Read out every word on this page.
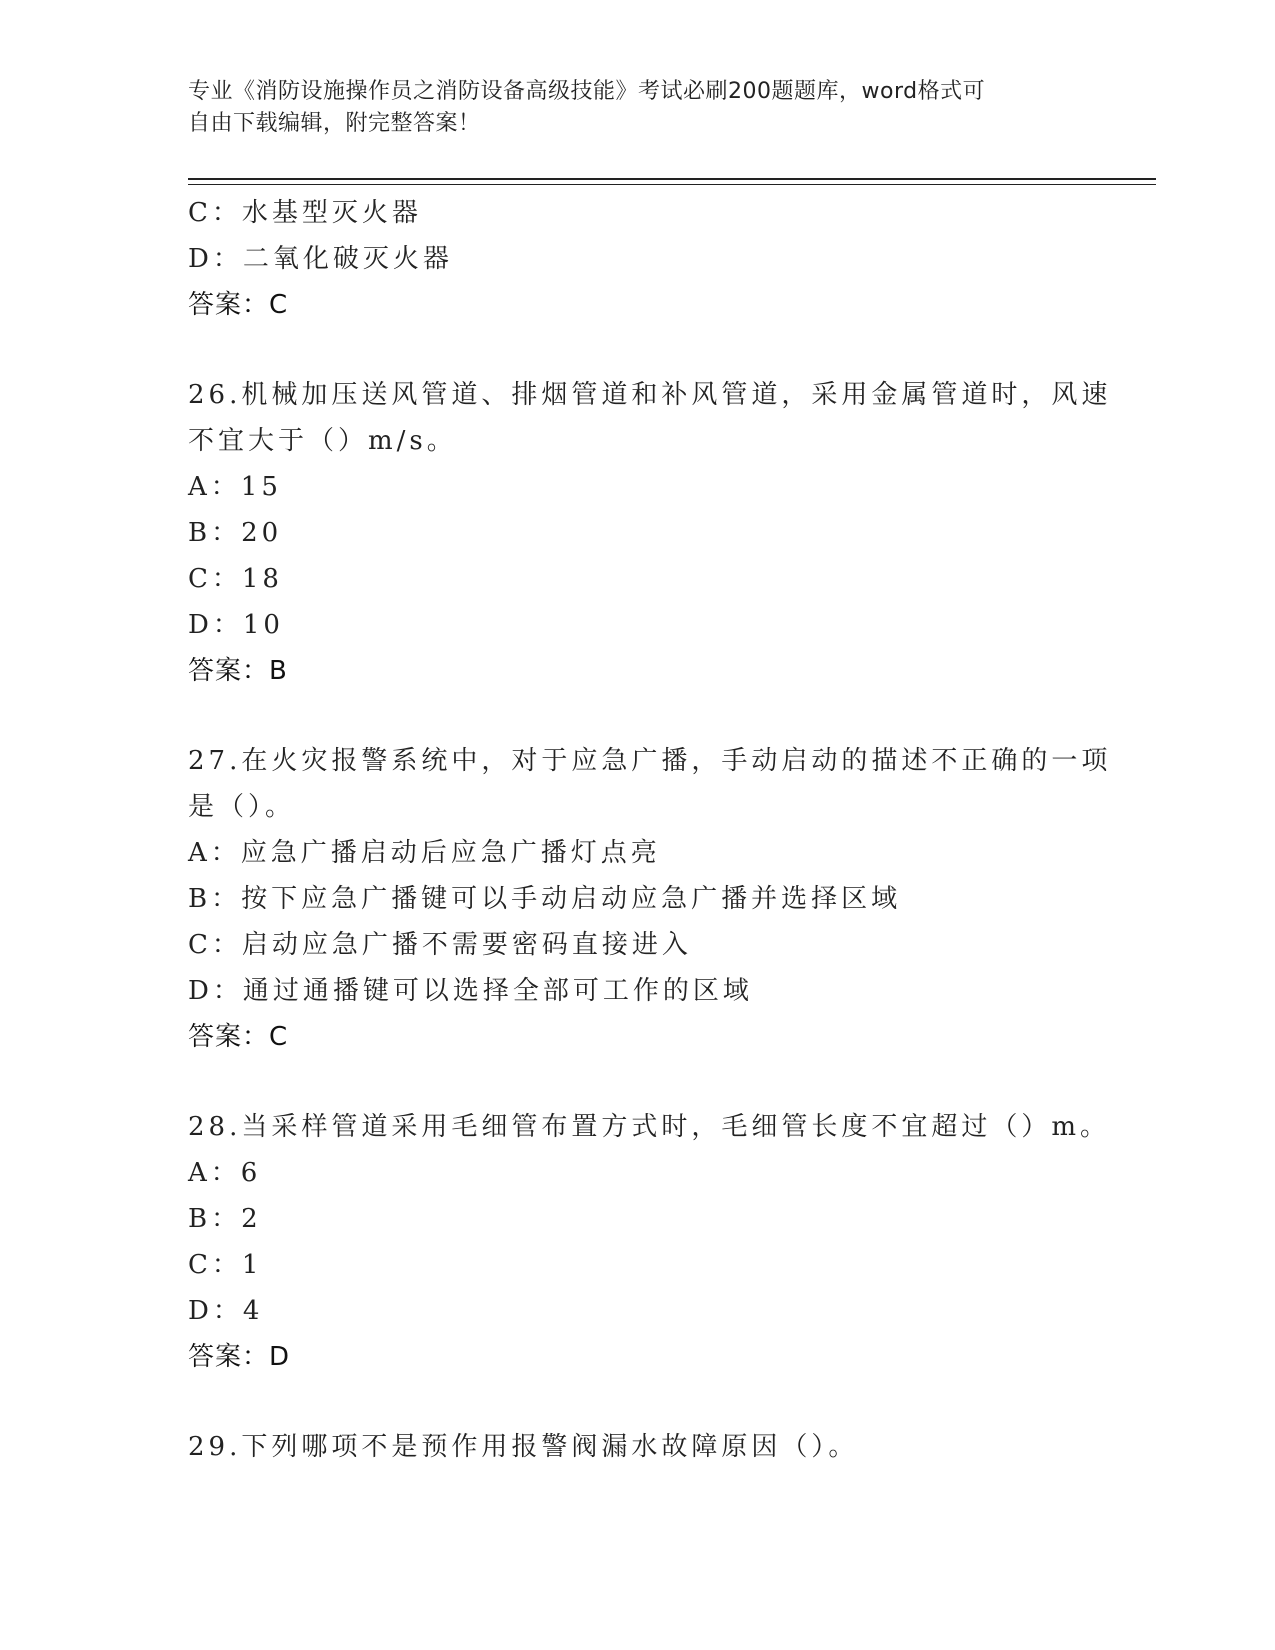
专业《消防设施操作员之消防设备高级技能》考试必刷200题题库，word格式可
自由下载编辑，附完整答案！
C：水基型灭火器
D：二氧化破灭火器
答案：C
26.机械加压送风管道、排烟管道和补风管道，采用金属管道时，风速
不宜大于（）m/s。
A：15
B：20
C：18
D：10
答案：B
27.在火灾报警系统中，对于应急广播，手动启动的描述不正确的一项
是（）。
A：应急广播启动后应急广播灯点亮
B：按下应急广播键可以手动启动应急广播并选择区域
C：启动应急广播不需要密码直接进入
D：通过通播键可以选择全部可工作的区域
答案：C
28.当采样管道采用毛细管布置方式时，毛细管长度不宜超过（）m。
A：6
B：2
C：1
D：4
答案：D
29.下列哪项不是预作用报警阀漏水故障原因（）。
